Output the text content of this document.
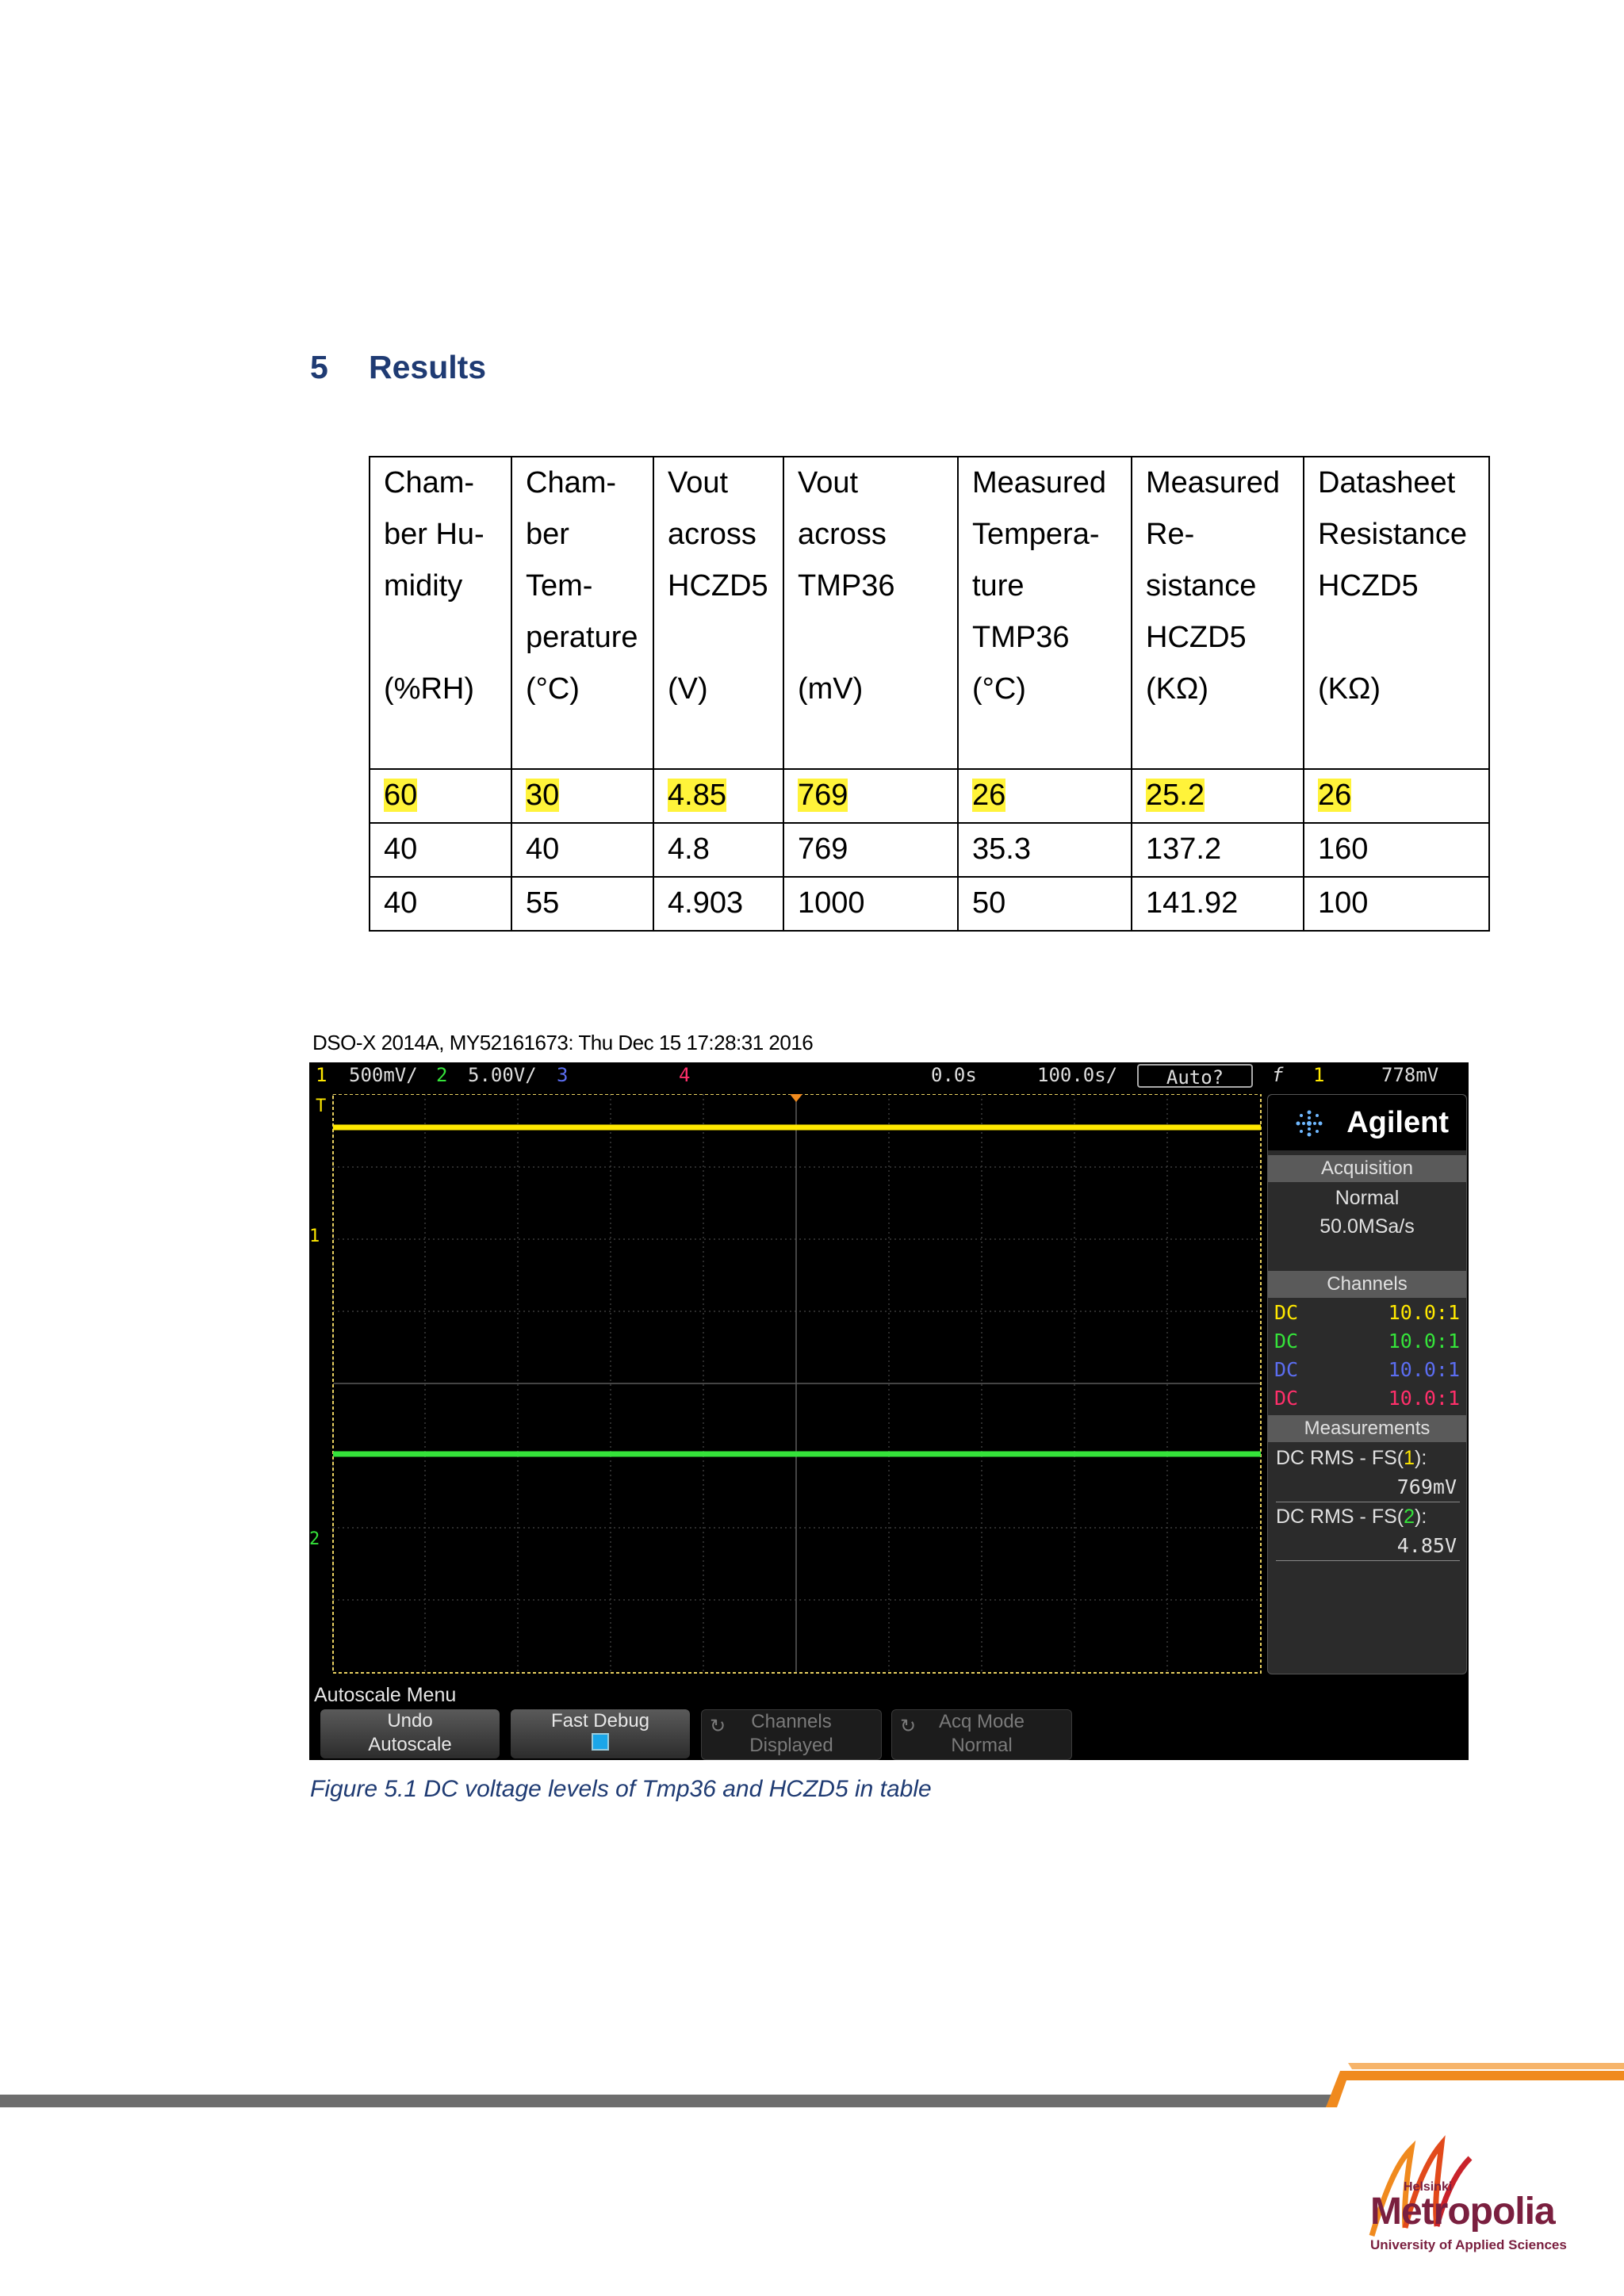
5 Results
Cham-
ber Hu-
midity

(%RH)	Cham-
ber
Tem-
perature
(°C)	Vout
across
HCZD5

(V)	Vout
across
TMP36

(mV)	Measured
Tempera-
ture
TMP36
(°C)	Measured
Re-
sistance
HCZD5
(KΩ)	Datasheet
Resistance
HCZD5

(KΩ)

60	30	4.85	769	26	25.2	26
40	40	4.8	769	35.3	137.2	160
40	55	4.903	1000	50	141.92	100
DSO-X 2014A, MY52161673: Thu Dec 15 17:28:31 2016
1 500mV/ 2 5.00V/ 3	4	0.0s	100.0s/	Auto?	f 1	778mV
T
1
2
Agilent
Acquisition
Normal
50.0MSa/s
Channels
DC	10.0:1
DC	10.0:1
DC	10.0:1
DC	10.0:1
Measurements
DC RMS - FS(1):
769mV
DC RMS - FS(2):
4.85V
Autoscale Menu
Undo
Autoscale
Fast Debug	↻	Channels
Displayed
↻	Acq Mode
Normal
Figure 5.1 DC voltage levels of Tmp36 and HCZD5 in table
Helsinki
Metropolia
University of Applied Sciences
